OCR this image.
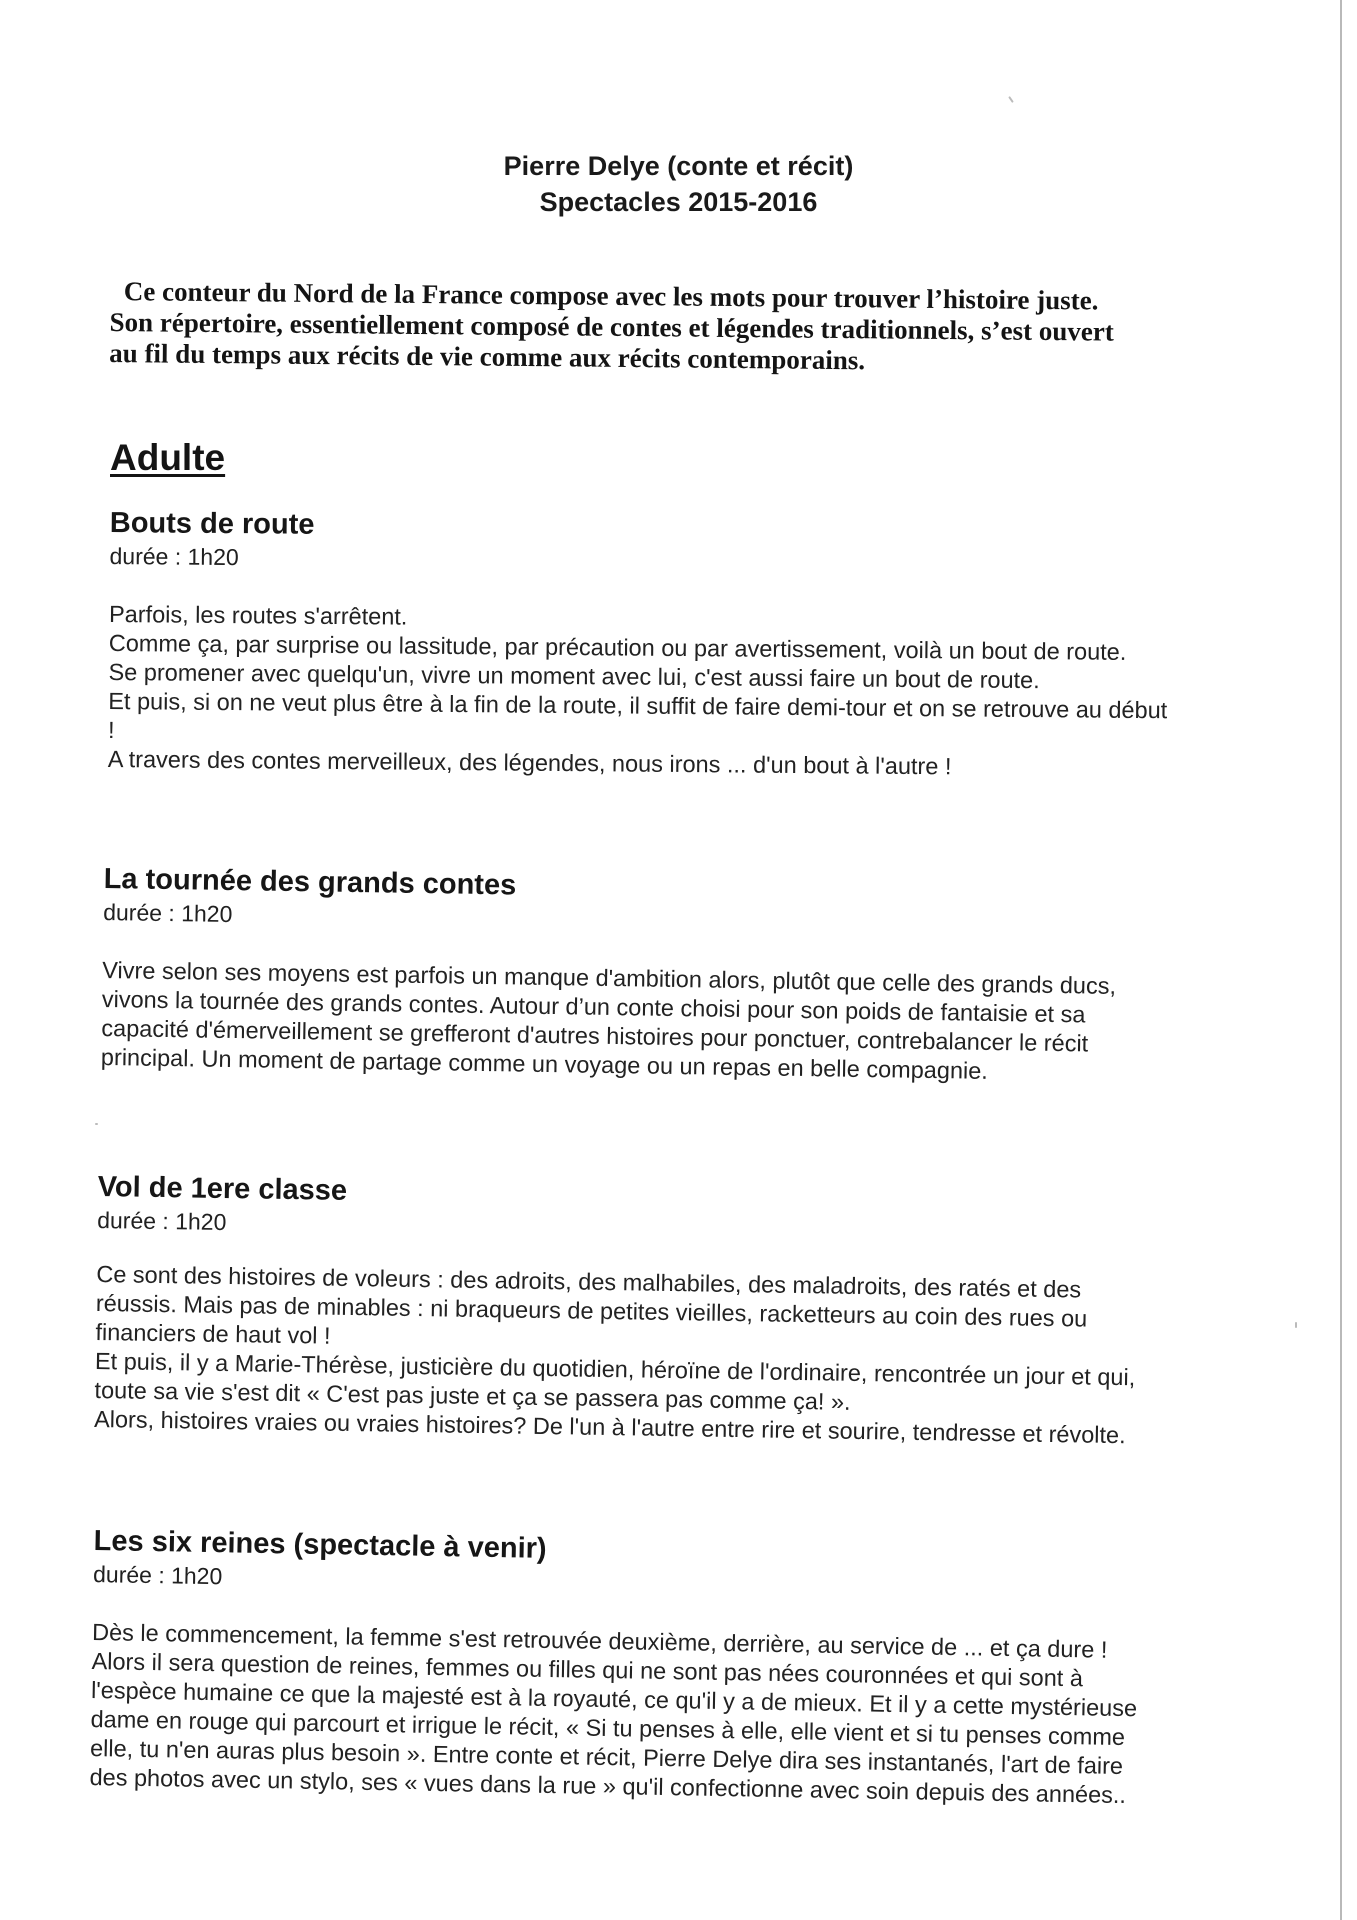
Pierre Delye (conte et récit)
Spectacles 2015-2016

Ce conteur du Nord de la France compose avec les mots pour trouver l’histoire juste.

Son répertoire, essentiellement composé de contes et légendes traditionnels, s’est ouvert

au fil du temps aux récits de vie comme aux récits contemporains.

Adulte
Bouts de route
durée : 1h20

Parfois, les routes s'arrêtent.

Comme ça, par surprise ou lassitude, par précaution ou par avertissement, voilà un bout de route.

Se promener avec quelqu'un, vivre un moment avec lui, c'est aussi faire un bout de route.

Et puis, si on ne veut plus être à la fin de la route, il suffit de faire demi-tour et on se retrouve au début !

A travers des contes merveilleux, des légendes, nous irons ... d'un bout à l'autre !

La tournée des grands contes
durée : 1h20

Vivre selon ses moyens est parfois un manque d'ambition alors, plutôt que celle des grands ducs, vivons la tournée des grands contes. Autour d’un conte choisi pour son poids de fantaisie et sa capacité d'émerveillement se grefferont d'autres histoires pour ponctuer, contrebalancer le récit principal. Un moment de partage comme un voyage ou un repas en belle compagnie.

Vol de 1ere classe
durée : 1h20

Ce sont des histoires de voleurs : des adroits, des malhabiles, des maladroits, des ratés et des réussis. Mais pas de minables : ni braqueurs de petites vieilles, racketteurs au coin des rues ou financiers de haut vol !

Et puis, il y a Marie-Thérèse, justicière du quotidien, héroïne de l'ordinaire, rencontrée un jour et qui, toute sa vie s'est dit « C'est pas juste et ça se passera pas comme ça! ».

Alors, histoires vraies ou vraies histoires? De l'un à l'autre entre rire et sourire, tendresse et révolte.

Les six reines (spectacle à venir)
durée : 1h20

Dès le commencement, la femme s'est retrouvée deuxième, derrière, au service de ... et ça dure ! Alors il sera question de reines, femmes ou filles qui ne sont pas nées couronnées et qui sont à l'espèce humaine ce que la majesté est à la royauté, ce qu'il y a de mieux. Et il y a cette mystérieuse dame en rouge qui parcourt et irrigue le récit, « Si tu penses à elle, elle vient et si tu penses comme elle, tu n'en auras plus besoin ». Entre conte et récit, Pierre Delye dira ses instantanés, l'art de faire des photos avec un stylo, ses « vues dans la rue » qu'il confectionne avec soin depuis des années..
